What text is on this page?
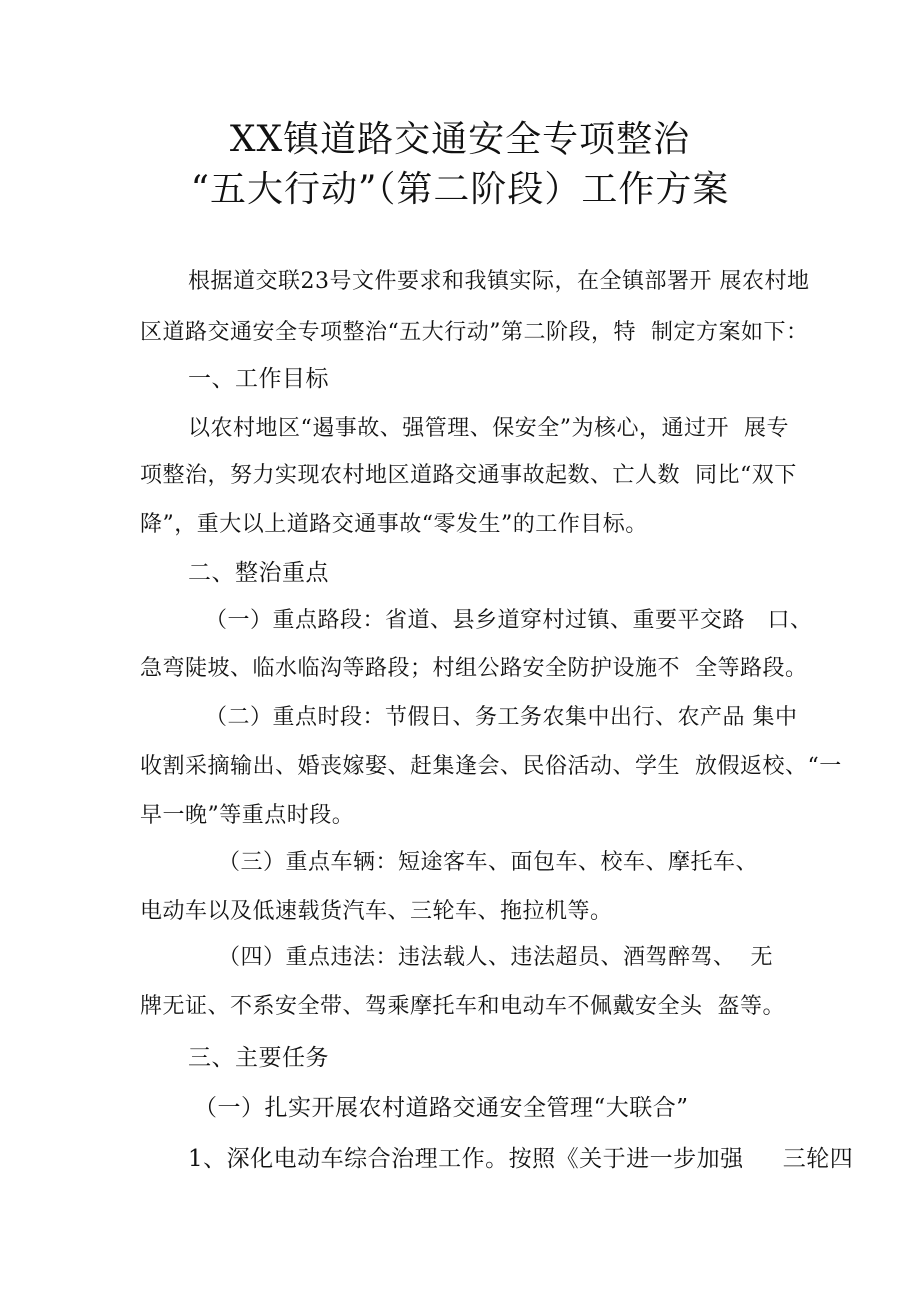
XX镇道路交通安全专项整治
“五大行动”（第二阶段）工作方案
根据道交联23号文件要求和我镇实际，在全镇部署开 展农村地
区道路交通安全专项整治“五大行动”第二阶段，特  制定方案如下：
一、工作目标
以农村地区“遏事故、强管理、保安全”为核心，通过开  展专
项整治，努力实现农村地区道路交通事故起数、亡人数  同比“双下
降”，重大以上道路交通事故“零发生”的工作目标。
二、整治重点
（一）重点路段：省道、县乡道穿村过镇、重要平交路   口、
急弯陡坡、临水临沟等路段；村组公路安全防护设施不  全等路段。
（二）重点时段：节假日、务工务农集中出行、农产品 集中
收割采摘输出、婚丧嫁娶、赶集逢会、民俗活动、学生  放假返校、“一
早一晚”等重点时段。
（三）重点车辆：短途客车、面包车、校车、摩托车、
电动车以及低速载货汽车、三轮车、拖拉机等。
（四）重点违法：违法载人、违法超员、酒驾醉驾、  无
牌无证、不系安全带、驾乘摩托车和电动车不佩戴安全头  盔等。
三、主要任务
（一）扎实开展农村道路交通安全管理“大联合”
1、深化电动车综合治理工作。按照《关于进一步加强     三轮四
